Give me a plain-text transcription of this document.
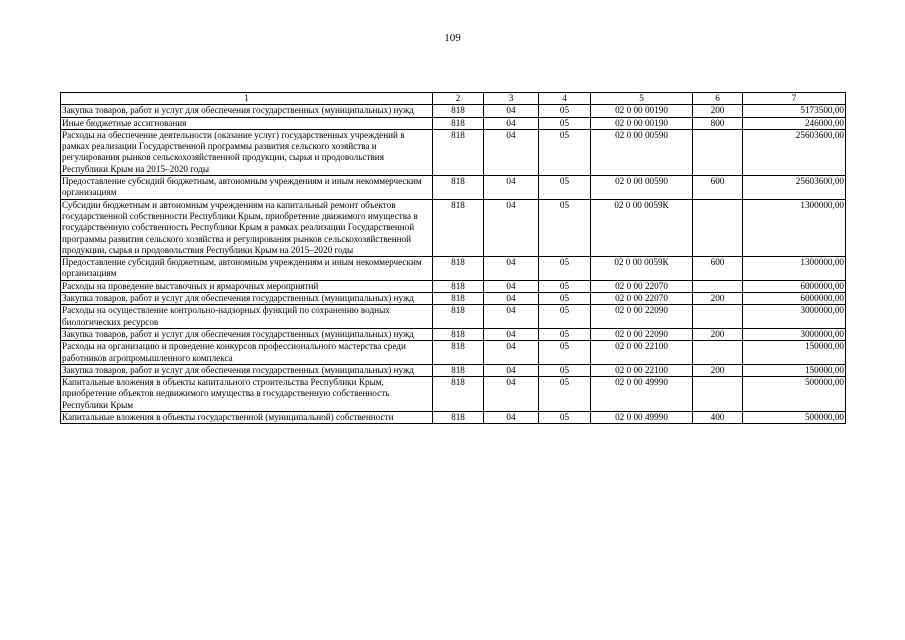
109
1	2	3	4	5	6	7
Закупка товаров, работ и услуг для обеспечения государственных (муниципальных) нужд	818	04	05	02 0 00 00190	200	5173500,00
Иные бюджетные ассигнования	818	04	05	02 0 00 00190	800	246000,00
Расходы на обеспечение деятельности (оказание услуг) государственных учреждений в рамках реализации Государственной программы развития сельского хозяйства и регулирования рынков сельскохозяйственной продукции, сырья и продовольствия Республики Крым на 2015–2020 годы	818	04	05	02 0 00 00590		25603600,00
Предоставление субсидий бюджетным, автономным учреждениям и иным некоммерческим организациям	818	04	05	02 0 00 00590	600	25603600,00
Субсидии бюджетным и автономным учреждениям на капитальный ремонт объектов государственной собственности Республики Крым, приобретение движимого имущества в государственную собственность Республики Крым в рамках реализации Государственной программы развития сельского хозяйства и регулирования рынков сельскохозяйственной продукции, сырья и продовольствия Республики Крым на 2015–2020 годы	818	04	05	02 0 00 0059К		1300000,00
Предоставление субсидий бюджетным, автономным учреждениям и иным некоммерческим организациям	818	04	05	02 0 00 0059К	600	1300000,00
Расходы на проведение выставочных и ярмарочных мероприятий	818	04	05	02 0 00 22070		6000000,00
Закупка товаров, работ и услуг для обеспечения государственных (муниципальных) нужд	818	04	05	02 0 00 22070	200	6000000,00
Расходы на осуществление контрольно-надзорных функций по сохранению водных биологических ресурсов	818	04	05	02 0 00 22090		3000000,00
Закупка товаров, работ и услуг для обеспечения государственных (муниципальных) нужд	818	04	05	02 0 00 22090	200	3000000,00
Расходы на организацию и проведение конкурсов профессионального мастерства среди работников агропромышленного комплекса	818	04	05	02 0 00 22100		150000,00
Закупка товаров, работ и услуг для обеспечения государственных (муниципальных) нужд	818	04	05	02 0 00 22100	200	150000,00
Капитальные вложения в объекты капитального строительства Республики Крым, приобретение объектов недвижимого имущества в государственную собственность Республики Крым	818	04	05	02 0 00 49990		500000,00
Капитальные вложения в объекты государственной (муниципальной) собственности	818	04	05	02 0 00 49990	400	500000,00
